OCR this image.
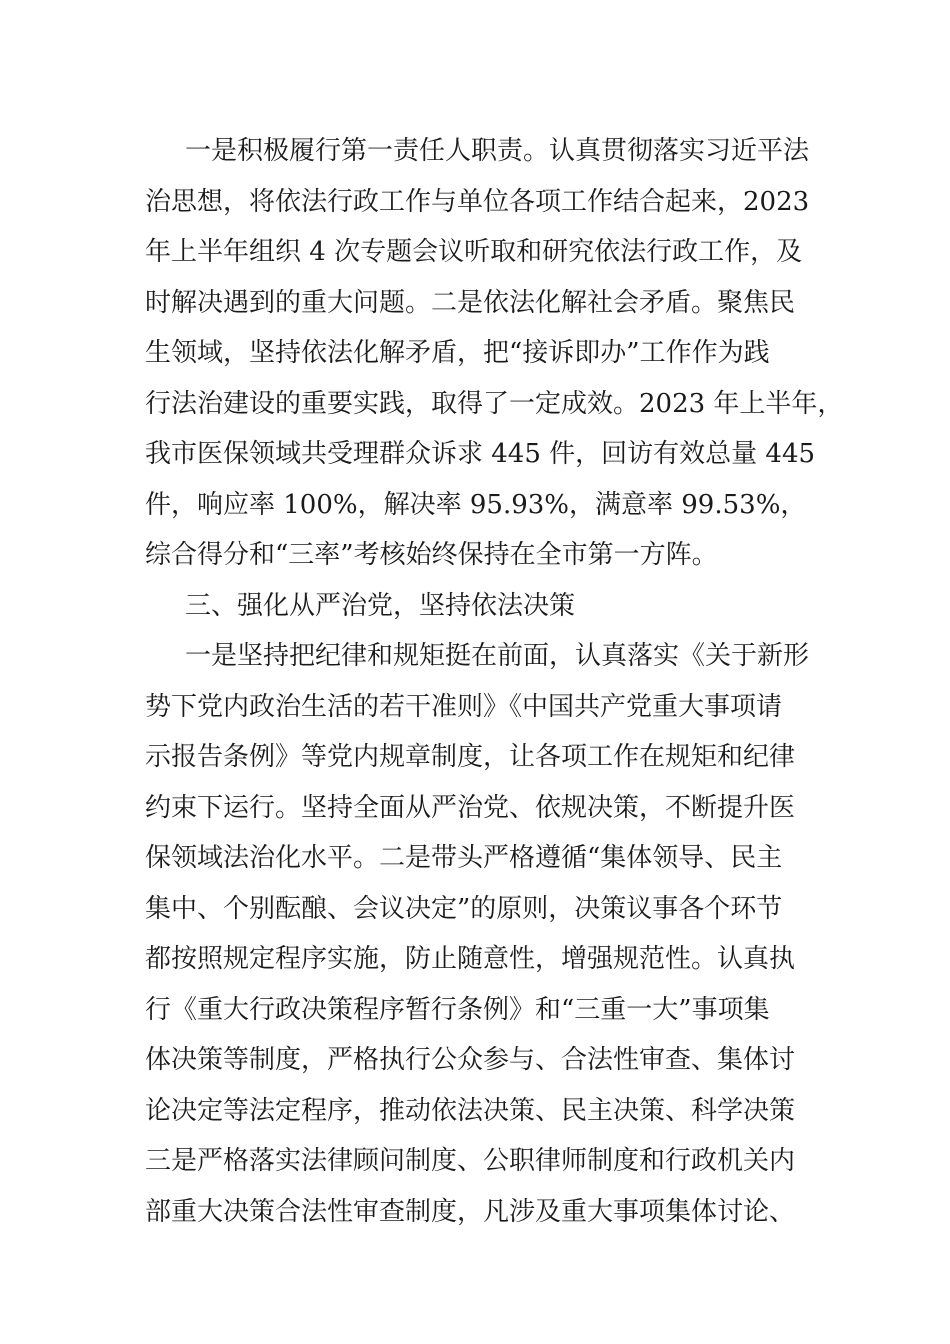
一是积极履行第一责任人职责。认真贯彻落实习近平法
治思想，将依法行政工作与单位各项工作结合起来，2023
年上半年组织 4 次专题会议听取和研究依法行政工作，及
时解决遇到的重大问题。二是依法化解社会矛盾。聚焦民
生领域，坚持依法化解矛盾，把“接诉即办”工作作为践
行法治建设的重要实践，取得了一定成效。2023 年上半年，
我市医保领域共受理群众诉求 445 件，回访有效总量 445
件，响应率 100%，解决率 95.93%，满意率 99.53%，
综合得分和“三率”考核始终保持在全市第一方阵。
三、强化从严治党，坚持依法决策
一是坚持把纪律和规矩挺在前面，认真落实《关于新形
势下党内政治生活的若干准则》《中国共产党重大事项请
示报告条例》等党内规章制度，让各项工作在规矩和纪律
约束下运行。坚持全面从严治党、依规决策，不断提升医
保领域法治化水平。二是带头严格遵循“集体领导、民主
集中、个别酝酿、会议决定”的原则，决策议事各个环节
都按照规定程序实施，防止随意性，增强规范性。认真执
行《重大行政决策程序暂行条例》和“三重一大”事项集
体决策等制度，严格执行公众参与、合法性审查、集体讨
论决定等法定程序，推动依法决策、民主决策、科学决策
三是严格落实法律顾问制度、公职律师制度和行政机关内
部重大决策合法性审查制度，凡涉及重大事项集体讨论、
